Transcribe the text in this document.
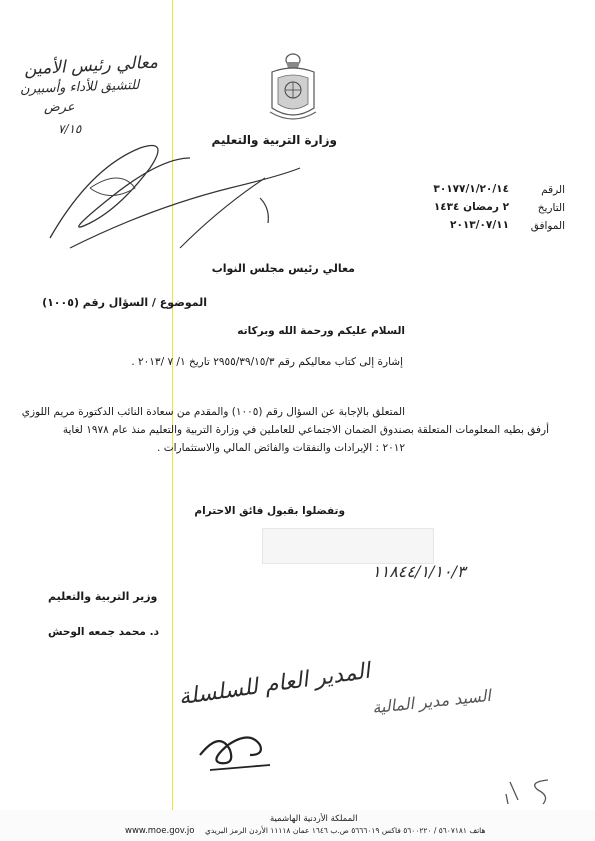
وزارة التربية والتعليم
الرقم
٣٠١٧٧/١/٢٠/١٤
التاريخ
٢ رمضان ١٤٣٤
الموافق
٢٠١٣/٠٧/١١
معالي رئيس الأمين
للتشيق للأداء وأسبيرن
عرض
٧/١٥
معالي رئيس مجلس النواب
الموضوع / السؤال رقم (١٠٠٥)
السلام عليكم ورحمة الله وبركاته
إشارة إلى كتاب معاليكم رقم ٢٩٥٥/٣٩/١٥/٣ تاريخ ١/ ٧ /٢٠١٣ .
المتعلق بالإجابة عن السؤال رقم (١٠٠٥) والمقدم من سعادة النائب الدكتورة مريم اللوزي
أرفق بطيه المعلومات المتعلقة بصندوق الضمان الاجتماعي للعاملين في وزارة التربية والتعليم منذ عام ١٩٧٨ لغاية
٢٠١٢ : الإيرادات والنفقات والفائض المالي والاستثمارات .
وتفضلوا بقبول فائق الاحترام
١١٨٤٤/١/١٠/٣
وزير التربية والتعليم
د. محمد جمعه الوحش
المدير العام للسلسلة السيد مدير المالية
المملكة الأردنية الهاشمية
www.moe.gov.jo هاتف ٥٦٠٧١٨١ / ٥٦٠٠٢٢٠ فاكس ٥٦٦٦٠١٩ ص.ب ١٦٤٦ عمان ١١١١٨ الأردن الرمز البريدي
